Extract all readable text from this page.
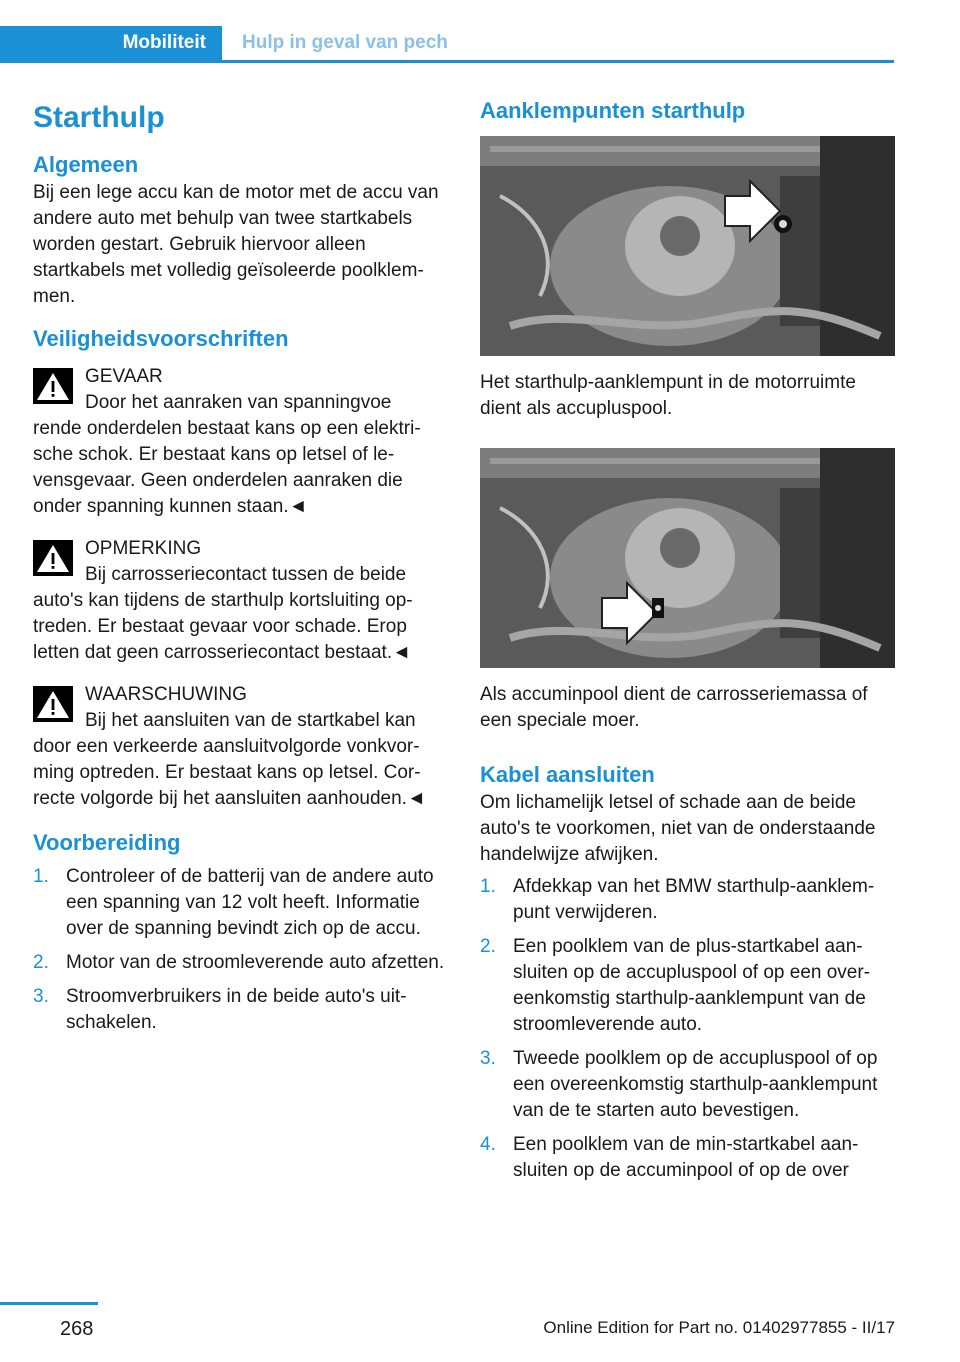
Mobiliteit Hulp in geval van pech
Starthulp
Algemeen

Bij een lege accu kan de motor met de accu van andere auto met behulp van twee startkabels worden gestart. Gebruik hiervoor alleen startkabels met volledig geïsoleerde poolklemmen.

Veiligheidsvoorschriften

GEVAAR

Door het aanraken van spanningvoe

rende onderdelen bestaat kans op een elektrische schok. Er bestaat kans op letsel of levensgevaar. Geen onderdelen aanraken die onder spanning kunnen staan.◄

OPMERKING

Bij carrosseriecontact tussen de beide

auto's kan tijdens de starthulp kortsluiting optreden. Er bestaat gevaar voor schade. Erop letten dat geen carrosseriecontact bestaat.◄

WAARSCHUWING

Bij het aansluiten van de startkabel kan

door een verkeerde aansluitvolgorde vonkvorming optreden. Er bestaat kans op letsel. Correcte volgorde bij het aansluiten aanhouden.◄

Voorbereiding
1. Controleer of de batterij van de andere auto een spanning van 12 volt heeft. Informatie over de spanning bevindt zich op de accu.
2. Motor van de stroomleverende auto afzetten.
3. Stroomverbruikers in de beide auto's uitschakelen.
Aanklempunten starthulp

Het starthulp-aanklempunt in de motorruimte dient als accupluspool.

Als accuminpool dient de carrosseriemassa of een speciale moer.

Kabel aansluiten

Om lichamelijk letsel of schade aan de beide auto's te voorkomen, niet van de onderstaande handelwijze afwijken.

1. Afdekkap van het BMW starthulp-aanklempunt verwijderen.
2. Een poolklem van de plus-startkabel aansluiten op de accupluspool of op een overeenkomstig starthulp-aanklempunt van de stroomleverende auto.
3. Tweede poolklem op de accupluspool of op een overeenkomstig starthulp-aanklempunt van de te starten auto bevestigen.
4. Een poolklem van de min-startkabel aansluiten op de accuminpool of op de over
268	Online Edition for Part no. 01402977855 - II/17
